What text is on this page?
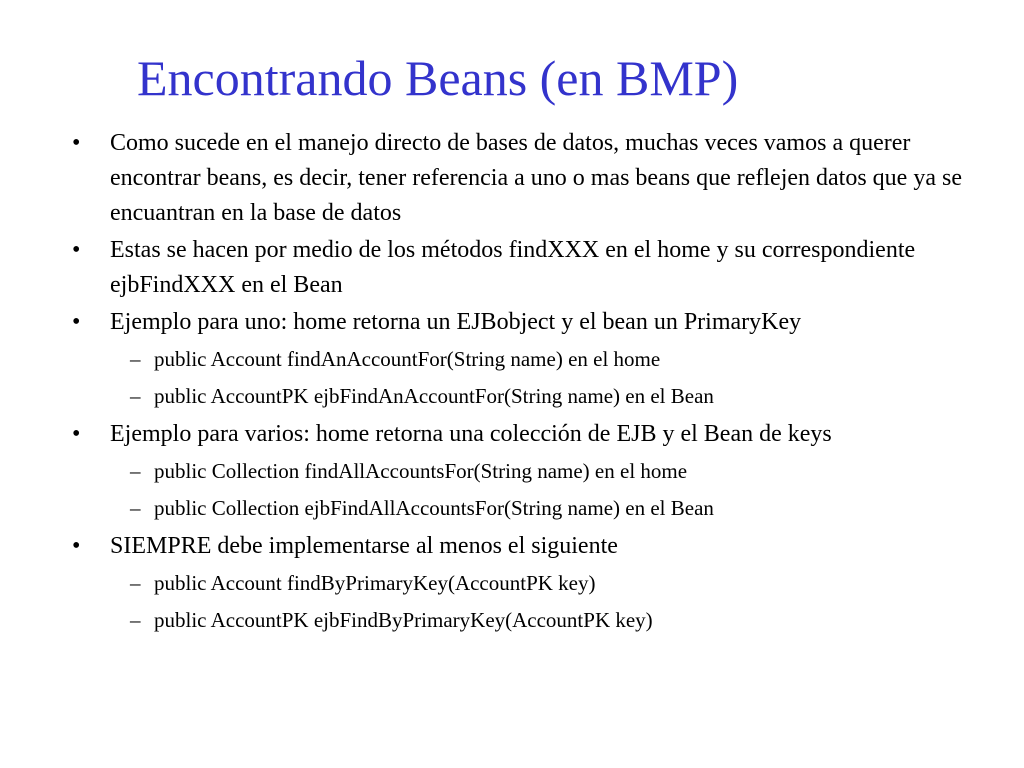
Encontrando Beans (en BMP)
•	Como sucede en el manejo directo de bases de datos, muchas veces vamos a querer encontrar beans, es decir, tener referencia a uno o mas beans que reflejen datos que ya se encuantran en la base de datos
•	Estas se hacen por medio de los métodos findXXX en el home y su correspondiente ejbFindXXX en el Bean
•	Ejemplo para uno: home retorna un EJBobject y el bean un PrimaryKey
– public Account findAnAccountFor(String name) en el home
– public AccountPK ejbFindAnAccountFor(String name) en el Bean
•	Ejemplo para varios: home retorna una colección de EJB y el Bean de keys
– public Collection findAllAccountsFor(String name) en el home
– public Collection ejbFindAllAccountsFor(String name) en el Bean
•	SIEMPRE debe implementarse al menos el siguiente
– public Account findByPrimaryKey(AccountPK key)
– public AccountPK ejbFindByPrimaryKey(AccountPK key)
